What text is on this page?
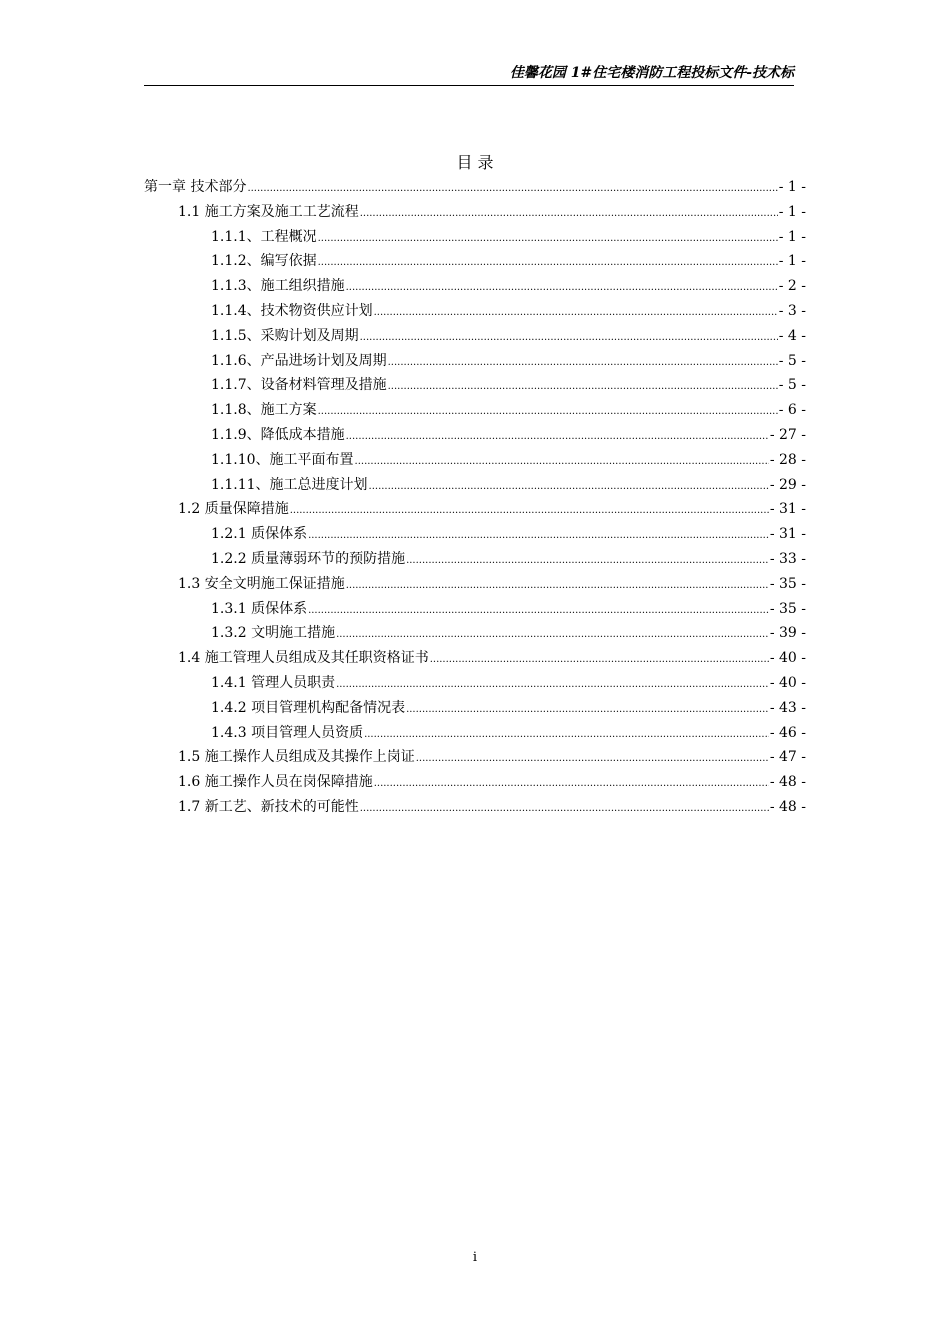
佳馨花园 1#住宅楼消防工程投标文件-技术标
目 录
第一章 技术部分 .....	- 1 -
1.1 施工方案及施工工艺流程 .....	- 1 -
1.1.1、工程概况 .....	- 1 -
1.1.2、编写依据 .....	- 1 -
1.1.3、施工组织措施 .....	- 2 -
1.1.4、技术物资供应计划 .....	- 3 -
1.1.5、采购计划及周期 .....	- 4 -
1.1.6、产品进场计划及周期 .....	- 5 -
1.1.7、设备材料管理及措施 .....	- 5 -
1.1.8、施工方案 .....	- 6 -
1.1.9、降低成本措施 .....	- 27 -
1.1.10、施工平面布置 .....	- 28 -
1.1.11、施工总进度计划 .....	- 29 -
1.2 质量保障措施 .....	- 31 -
1.2.1 质保体系 .....	- 31 -
1.2.2 质量薄弱环节的预防措施 .....	- 33 -
1.3 安全文明施工保证措施 .....	- 35 -
1.3.1 质保体系 .....	- 35 -
1.3.2 文明施工措施 .....	- 39 -
1.4 施工管理人员组成及其任职资格证书 .....	- 40 -
1.4.1 管理人员职责 .....	- 40 -
1.4.2 项目管理机构配备情况表 .....	- 43 -
1.4.3 项目管理人员资质 .....	- 46 -
1.5 施工操作人员组成及其操作上岗证 .....	- 47 -
1.6 施工操作人员在岗保障措施 .....	- 48 -
1.7 新工艺、新技术的可能性 .....	- 48 -
i
